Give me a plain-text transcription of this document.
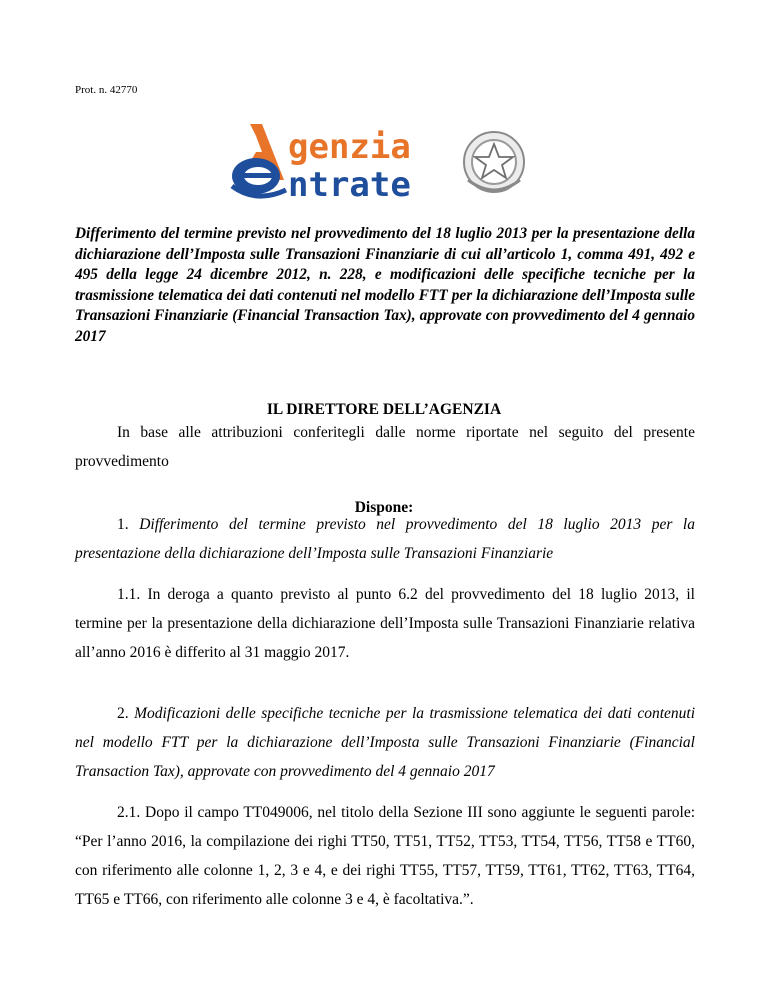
Prot. n. 42770
genzia
ntrate

Differimento del termine previsto nel provvedimento del 18 luglio 2013 per la presentazione della dichiarazione dell’Imposta sulle Transazioni Finanziarie di cui all’articolo 1, comma 491, 492 e 495 della legge 24 dicembre 2012, n. 228, e modificazioni delle specifiche tecniche per la trasmissione telematica dei dati contenuti nel modello FTT per la dichiarazione dell’Imposta sulle Transazioni Finanziarie (Financial Transaction Tax), approvate con provvedimento del 4 gennaio 2017

IL DIRETTORE DELL’AGENZIA

In base alle attribuzioni conferitegli dalle norme riportate nel seguito del presente provvedimento

Dispone:

1. Differimento del termine previsto nel provvedimento del 18 luglio 2013 per la presentazione della dichiarazione dell’Imposta sulle Transazioni Finanziarie

1.1. In deroga a quanto previsto al punto 6.2 del provvedimento del 18 luglio 2013, il termine per la presentazione della dichiarazione dell’Imposta sulle Transazioni Finanziarie relativa all’anno 2016 è differito al 31 maggio 2017.

2. Modificazioni delle specifiche tecniche per la trasmissione telematica dei dati contenuti nel modello FTT per la dichiarazione dell’Imposta sulle Transazioni Finanziarie (Financial Transaction Tax), approvate con provvedimento del 4 gennaio 2017

2.1. Dopo il campo TT049006, nel titolo della Sezione III sono aggiunte le seguenti parole: “Per l’anno 2016, la compilazione dei righi TT50, TT51, TT52, TT53, TT54, TT56, TT58 e TT60, con riferimento alle colonne 1, 2, 3 e 4, e dei righi TT55, TT57, TT59, TT61, TT62, TT63, TT64, TT65 e TT66, con riferimento alle colonne 3 e 4, è facoltativa.”.
